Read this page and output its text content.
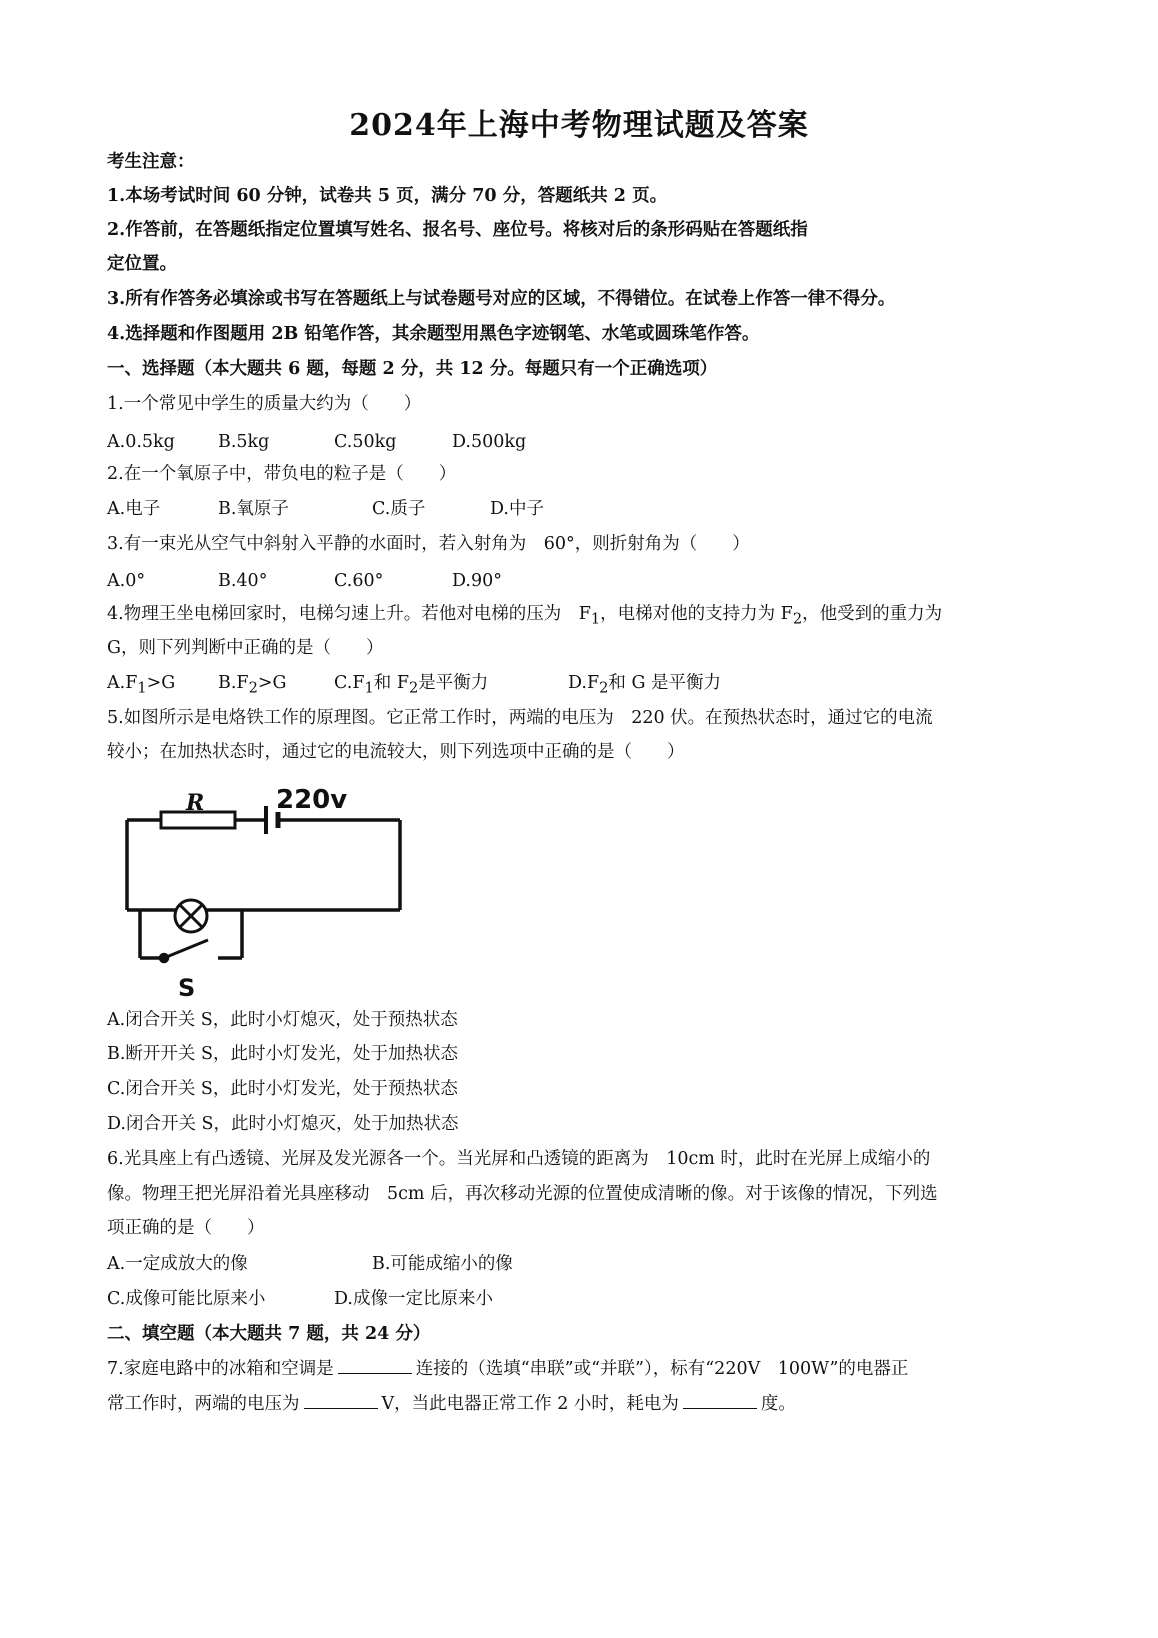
2024年上海中考物理试题及答案
考生注意：
1.本场考试时间 60 分钟，试卷共 5 页，满分 70 分，答题纸共 2 页。
2.作答前，在答题纸指定位置填写姓名、报名号、座位号。将核对后的条形码贴在答题纸指
定位置。
3.所有作答务必填涂或书写在答题纸上与试卷题号对应的区域，不得错位。在试卷上作答一律不得分。
4.选择题和作图题用 2B 铅笔作答，其余题型用黑色字迹钢笔、水笔或圆珠笔作答。
一、选择题（本大题共 6 题，每题 2 分，共 12 分。每题只有一个正确选项）
1.一个常见中学生的质量大约为（　　）
A.0.5kg B.5kg	C.50kg	D.500kg
2.在一个氧原子中，带负电的粒子是（　　）
A.电子	B.氧原子	C.质子	D.中子
3.有一束光从空气中斜射入平静的水面时，若入射角为　60°，则折射角为（　　）
A.0°	B.40°	C.60°	D.90°
4.物理王坐电梯回家时，电梯匀速上升。若他对电梯的压为　$F_1$，电梯对他的支持力为 $F_2$，他受到的重力为
G，则下列判断中正确的是（　　）
$A.F_1>G$ $B.F_2>G$	$C.F_1$和 $F_2$是平衡力	$D.F_2$和 G 是平衡力
5.如图所示是电烙铁工作的原理图。它正常工作时，两端的电压为　220 伏。在预热状态时，通过它的电流
较小；在加热状态时，通过它的电流较大，则下列选项中正确的是（　　）
R	220v
S
A.闭合开关 S，此时小灯熄灭，处于预热状态
B.断开开关 S，此时小灯发光，处于加热状态
C.闭合开关 S，此时小灯发光，处于预热状态
D.闭合开关 S，此时小灯熄灭，处于加热状态
6.光具座上有凸透镜、光屏及发光源各一个。当光屏和凸透镜的距离为　10cm 时，此时在光屏上成缩小的
像。物理王把光屏沿着光具座移动　5cm 后，再次移动光源的位置使成清晰的像。对于该像的情况，下列选
项正确的是（　　）
A.一定成放大的像	B.可能成缩小的像
C.成像可能比原来小	D.成像一定比原来小
二、填空题（本大题共 7 题，共 24 分）
7.家庭电路中的冰箱和空调是	连接的（选填“串联”或“并联”），标有“220V　100W”的电器正
常工作时，两端的电压为	V，当此电器正常工作 2 小时，耗电为	度。
